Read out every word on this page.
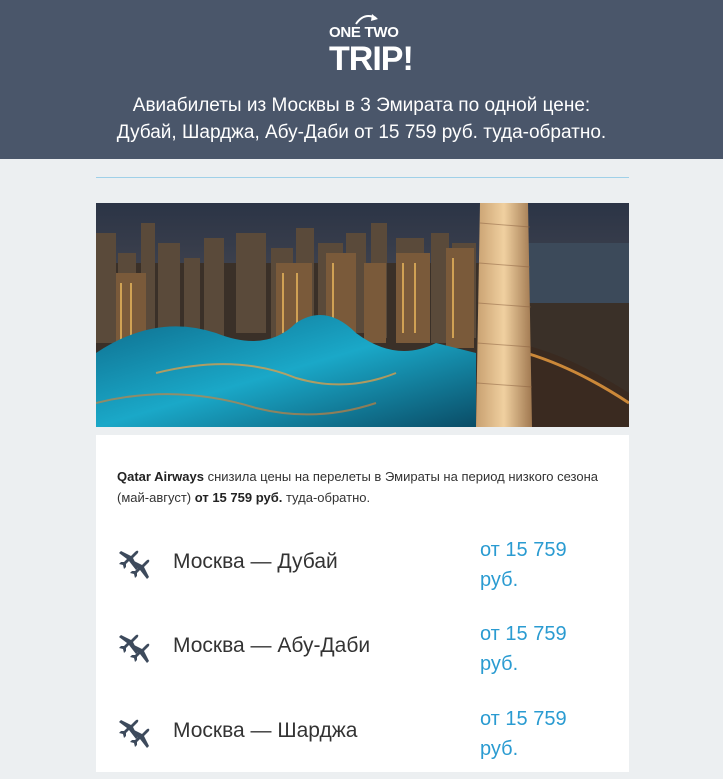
ONE TWO
TRIP!
Авиабилеты из Москвы в 3 Эмирата по одной цене:
Дубай, Шарджа, Абу-Даби от 15 759 руб. туда-обратно.
Qatar Airways снизила цены на перелеты в Эмираты на период низкого сезона (май-август) от 15 759 руб. туда-обратно.
Москва — Дубай	от 15 759 руб.
Москва — Абу-Даби	от 15 759 руб.
Москва — Шарджа	от 15 759 руб.
